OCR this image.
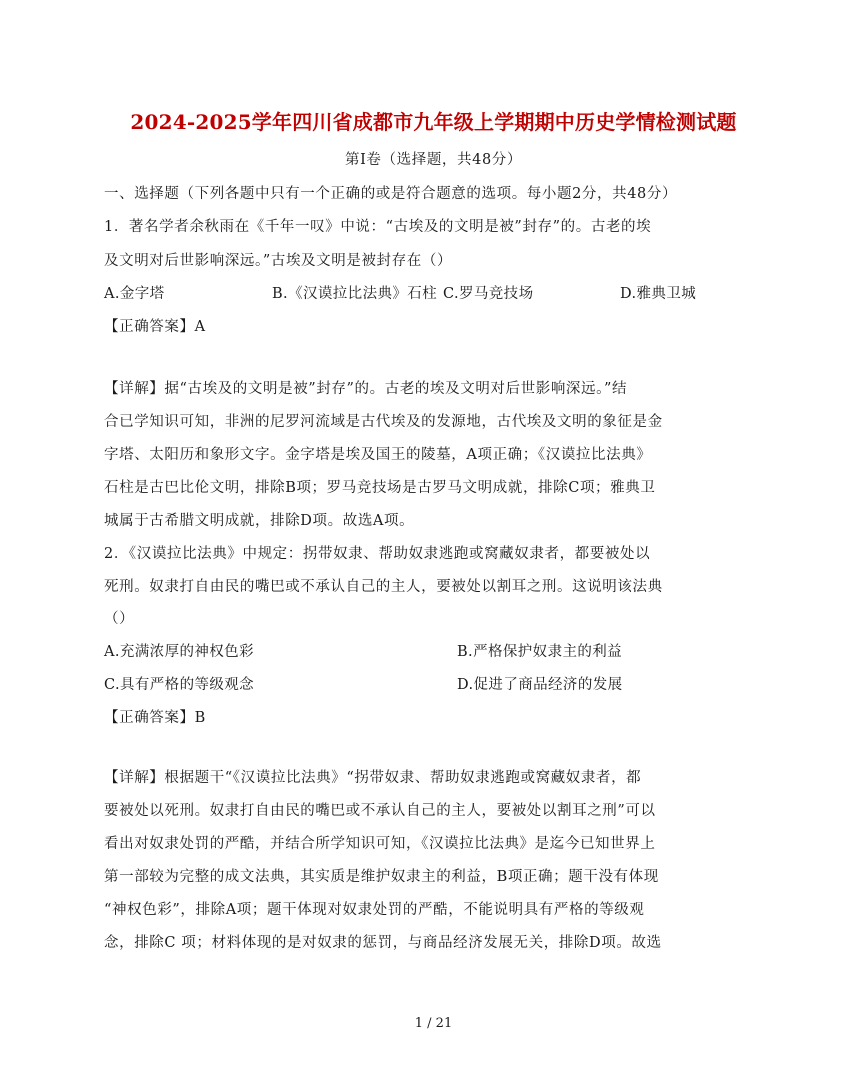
2024-2025学年四川省成都市九年级上学期期中历史学情检测试题
第Ⅰ卷（选择题，共48分）
一、选择题（下列各题中只有一个正确的或是符合题意的选项。每小题2分，共48分）
1．著名学者余秋雨在《千年一叹》中说：“古埃及的文明是被”封存”的。古老的埃
及文明对后世影响深远。”古埃及文明是被封存在（）
A.金字塔	B.《汉谟拉比法典》石柱 C.罗马竞技场	D.雅典卫城
【正确答案】A
【详解】据“古埃及的文明是被”封存”的。古老的埃及文明对后世影响深远。”结
合已学知识可知，非洲的尼罗河流域是古代埃及的发源地，古代埃及文明的象征是金
字塔、太阳历和象形文字。金字塔是埃及国王的陵墓，A项正确；《汉谟拉比法典》
石柱是古巴比伦文明，排除B项；罗马竞技场是古罗马文明成就，排除C项；雅典卫
城属于古希腊文明成就，排除D项。故选A项。
2．《汉谟拉比法典》中规定：拐带奴隶、帮助奴隶逃跑或窝藏奴隶者，都要被处以
死刑。奴隶打自由民的嘴巴或不承认自己的主人，要被处以割耳之刑。这说明该法典
（）
A.充满浓厚的神权色彩	B.严格保护奴隶主的利益
C.具有严格的等级观念	D.促进了商品经济的发展
【正确答案】B
【详解】根据题干“《汉谟拉比法典》“拐带奴隶、帮助奴隶逃跑或窝藏奴隶者，都
要被处以死刑。奴隶打自由民的嘴巴或不承认自己的主人，要被处以割耳之刑”可以
看出对奴隶处罚的严酷，并结合所学知识可知，《汉谟拉比法典》是迄今已知世界上
第一部较为完整的成文法典，其实质是维护奴隶主的利益，B项正确；题干没有体现
“神权色彩”，排除A项；题干体现对奴隶处罚的严酷，不能说明具有严格的等级观
念，排除C 项；材料体现的是对奴隶的惩罚，与商品经济发展无关，排除D项。故选
1 / 21
